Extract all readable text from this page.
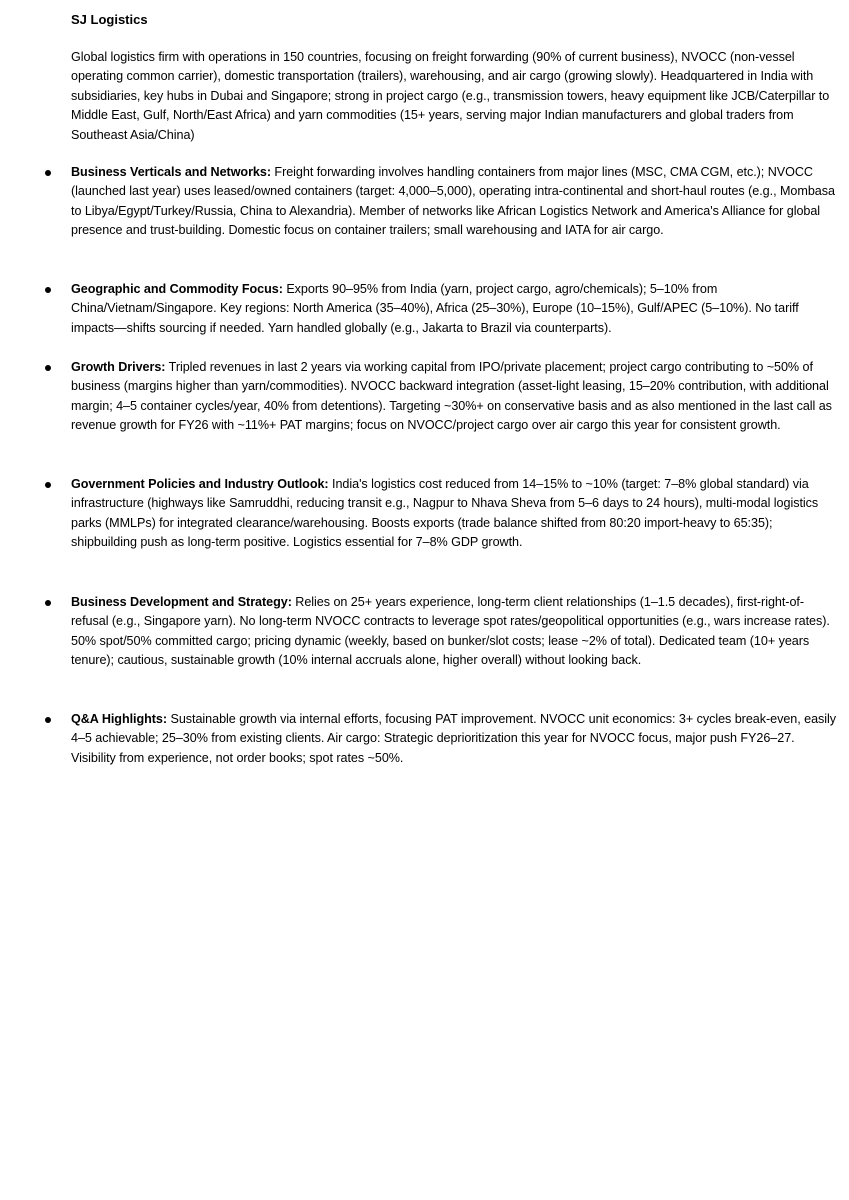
SJ Logistics

Global logistics firm with operations in 150 countries, focusing on freight forwarding (90% of current business), NVOCC (non-vessel operating common carrier), domestic transportation (trailers), warehousing, and air cargo (growing slowly). Headquartered in India with subsidiaries, key hubs in Dubai and Singapore; strong in project cargo (e.g., transmission towers, heavy equipment like JCB/Caterpillar to Middle East, Gulf, North/East Africa) and yarn commodities (15+ years, serving major Indian manufacturers and global traders from Southeast Asia/China)

Business Verticals and Networks: Freight forwarding involves handling containers from major lines (MSC, CMA CGM, etc.); NVOCC (launched last year) uses leased/owned containers (target: 4,000–5,000), operating intra-continental and short-haul routes (e.g., Mombasa to Libya/Egypt/Turkey/Russia, China to Alexandria). Member of networks like African Logistics Network and America's Alliance for global presence and trust-building. Domestic focus on container trailers; small warehousing and IATA for air cargo.

Geographic and Commodity Focus: Exports 90–95% from India (yarn, project cargo, agro/chemicals); 5–10% from China/Vietnam/Singapore. Key regions: North America (35–40%), Africa (25–30%), Europe (10–15%), Gulf/APEC (5–10%). No tariff impacts—shifts sourcing if needed. Yarn handled globally (e.g., Jakarta to Brazil via counterparts).

Growth Drivers: Tripled revenues in last 2 years via working capital from IPO/private placement; project cargo contributing to ~50% of business (margins higher than yarn/commodities). NVOCC backward integration (asset-light leasing, 15–20% contribution, with additional margin; 4–5 container cycles/year, 40% from detentions). Targeting ~30%+ on conservative basis and as also mentioned in the last call as revenue growth for FY26 with ~11%+ PAT margins; focus on NVOCC/project cargo over air cargo this year for consistent growth.

Government Policies and Industry Outlook: India's logistics cost reduced from 14–15% to ~10% (target: 7–8% global standard) via infrastructure (highways like Samruddhi, reducing transit e.g., Nagpur to Nhava Sheva from 5–6 days to 24 hours), multi-modal logistics parks (MMLPs) for integrated clearance/warehousing. Boosts exports (trade balance shifted from 80:20 import-heavy to 65:35); shipbuilding push as long-term positive. Logistics essential for 7–8% GDP growth.

Business Development and Strategy: Relies on 25+ years experience, long-term client relationships (1–1.5 decades), first-right-of-refusal (e.g., Singapore yarn). No long-term NVOCC contracts to leverage spot rates/geopolitical opportunities (e.g., wars increase rates). 50% spot/50% committed cargo; pricing dynamic (weekly, based on bunker/slot costs; lease ~2% of total). Dedicated team (10+ years tenure); cautious, sustainable growth (10% internal accruals alone, higher overall) without looking back.

Q&A Highlights: Sustainable growth via internal efforts, focusing PAT improvement. NVOCC unit economics: 3+ cycles break-even, easily 4–5 achievable; 25–30% from existing clients. Air cargo: Strategic deprioritization this year for NVOCC focus, major push FY26–27. Visibility from experience, not order books; spot rates ~50%.
